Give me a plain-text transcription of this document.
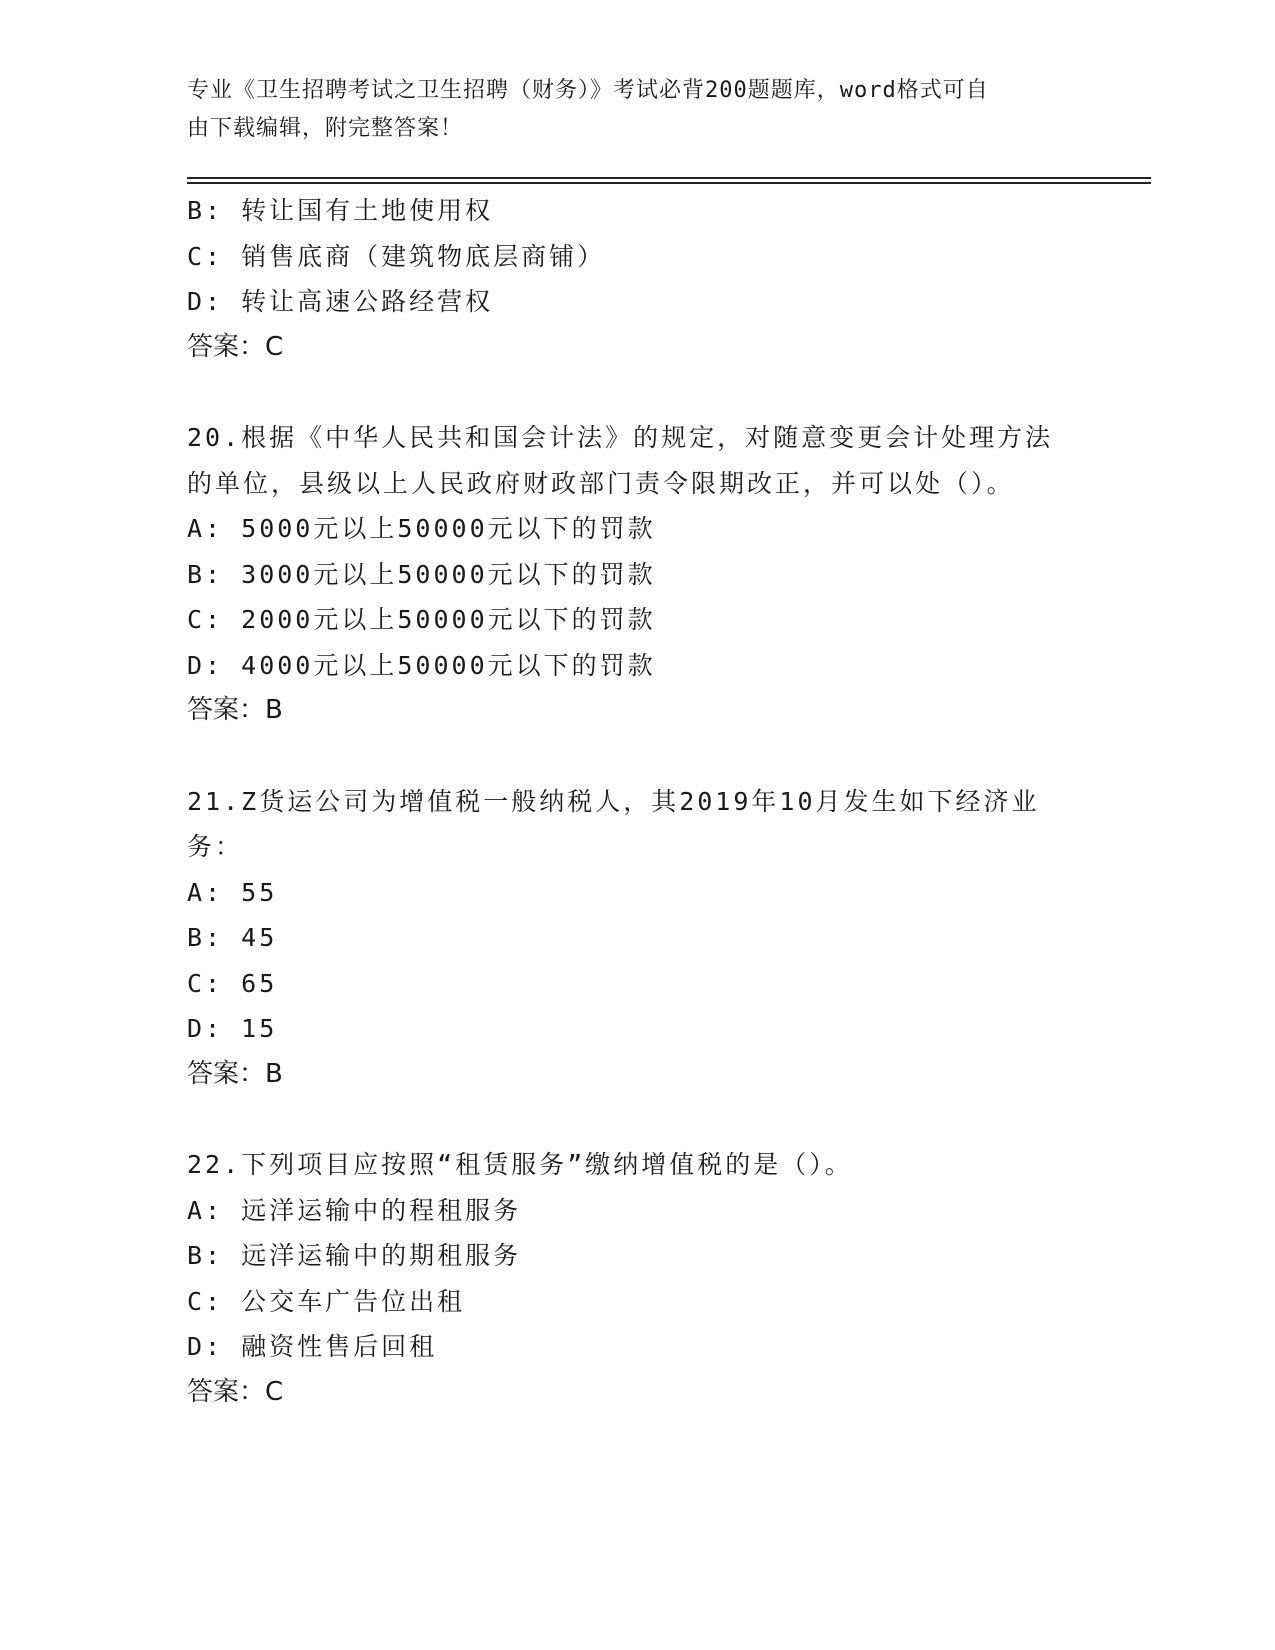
专业《卫生招聘考试之卫生招聘（财务）》考试必背200题题库，word格式可自
由下载编辑，附完整答案！
B: 转让国有土地使用权
C: 销售底商（建筑物底层商铺）
D: 转让高速公路经营权
答案：C
20.根据《中华人民共和国会计法》的规定，对随意变更会计处理方法
的单位，县级以上人民政府财政部门责令限期改正，并可以处（）。
A: 5000元以上50000元以下的罚款
B: 3000元以上50000元以下的罚款
C: 2000元以上50000元以下的罚款
D: 4000元以上50000元以下的罚款
答案：B
21.Z货运公司为增值税一般纳税人，其2019年10月发生如下经济业
务：
A: 55
B: 45
C: 65
D: 15
答案：B
22.下列项目应按照“租赁服务”缴纳增值税的是（）。
A: 远洋运输中的程租服务
B: 远洋运输中的期租服务
C: 公交车广告位出租
D: 融资性售后回租
答案：C
